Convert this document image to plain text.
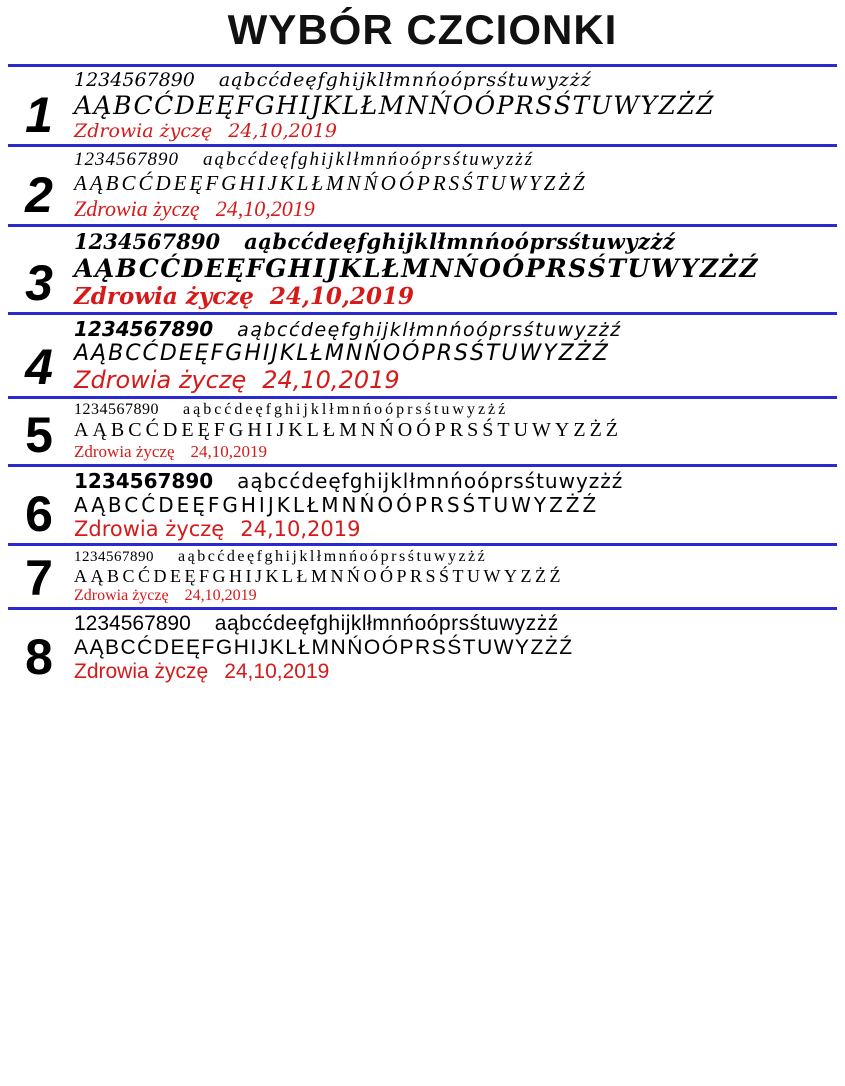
WYBÓR CZCIONKI
1
1234567890	aąbcćdeęfghijklłmnńoóprsśtuwyzżź
AĄBCĆDEĘFGHIJKLŁMNŃOÓPRSŚTUWYZŻŹ
Zdrowia życzę 24,10,2019
2
1234567890	aąbcćdeęfghijklłmnńoóprsśtuwyzżź
AĄBCĆDEĘFGHIJKLŁMNŃOÓPRSŚTUWYZŻŹ
Zdrowia życzę 24,10,2019
3
1234567890	aąbcćdeęfghijklłmnńoóprsśtuwyzżź
AĄBCĆDEĘFGHIJKLŁMNŃOÓPRSŚTUWYZŻŹ
Zdrowia życzę 24,10,2019
4
1234567890	aąbcćdeęfghijklłmnńoóprsśtuwyzżź
AĄBCĆDEĘFGHIJKLŁMNŃOÓPRSŚTUWYZŻŹ
Zdrowia życzę 24,10,2019
5	1234567890	aąbcćdeęfghijklłmnńoóprsśtuwyzżź
AĄBCĆDEĘFGHIJKLŁMNŃOÓPRSŚTUWYZŻŹ
Zdrowia życzę 24,10,2019
6
1234567890	aąbcćdeęfghijklłmnńoóprsśtuwyzżź
AĄBCĆDEĘFGHIJKLŁMNŃOÓPRSŚTUWYZŻŹ
Zdrowia życzę 24,10,2019
7	1234567890	aąbcćdeęfghijklłmnńoóprsśtuwyzżź
AĄBCĆDEĘFGHIJKLŁMNŃOÓPRSŚTUWYZŻŹ
Zdrowia życzę	24,10,2019
8
1234567890	aąbcćdeęfghijklłmnńoóprsśtuwyzżź
AĄBCĆDEĘFGHIJKLŁMNŃOÓPRSŚTUWYZŻŹ
Zdrowia życzę 24,10,2019
